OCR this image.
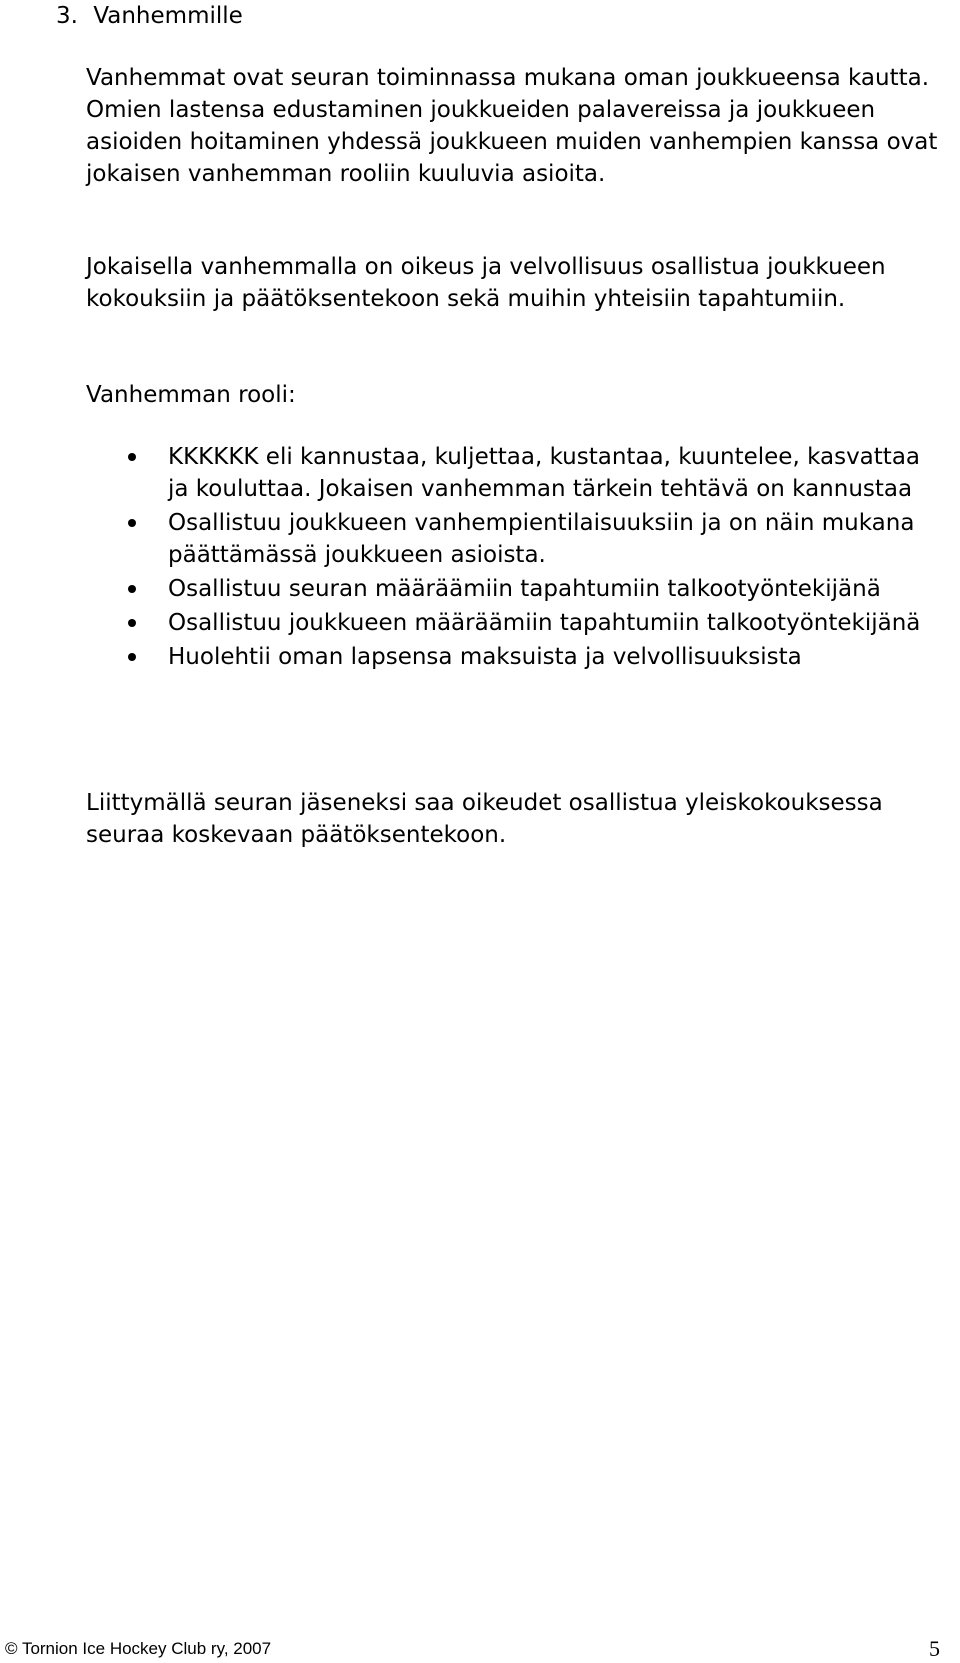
3. Vanhemmille

Vanhemmat ovat seuran toiminnassa mukana oman joukkueensa kautta. Omien lastensa edustaminen joukkueiden palavereissa ja joukkueen asioiden hoitaminen yhdessä joukkueen muiden vanhempien kanssa ovat jokaisen vanhemman rooliin kuuluvia asioita.

Jokaisella vanhemmalla on oikeus ja velvollisuus osallistua joukkueen kokouksiin ja päätöksentekoon sekä muihin yhteisiin tapahtumiin.

Vanhemman rooli:

KKKKKK eli kannustaa, kuljettaa, kustantaa, kuuntelee, kasvattaa ja kouluttaa. Jokaisen vanhemman tärkein tehtävä on kannustaa
Osallistuu joukkueen vanhempientilaisuuksiin ja on näin mukana päättämässä joukkueen asioista.
Osallistuu seuran määräämiin tapahtumiin talkootyöntekijänä
Osallistuu joukkueen määräämiin tapahtumiin talkootyöntekijänä
Huolehtii oman lapsensa maksuista ja velvollisuuksista

Liittymällä seuran jäseneksi saa oikeudet osallistua yleiskokouksessa seuraa koskevaan päätöksentekoon.

© Tornion Ice Hockey Club ry, 2007	5
